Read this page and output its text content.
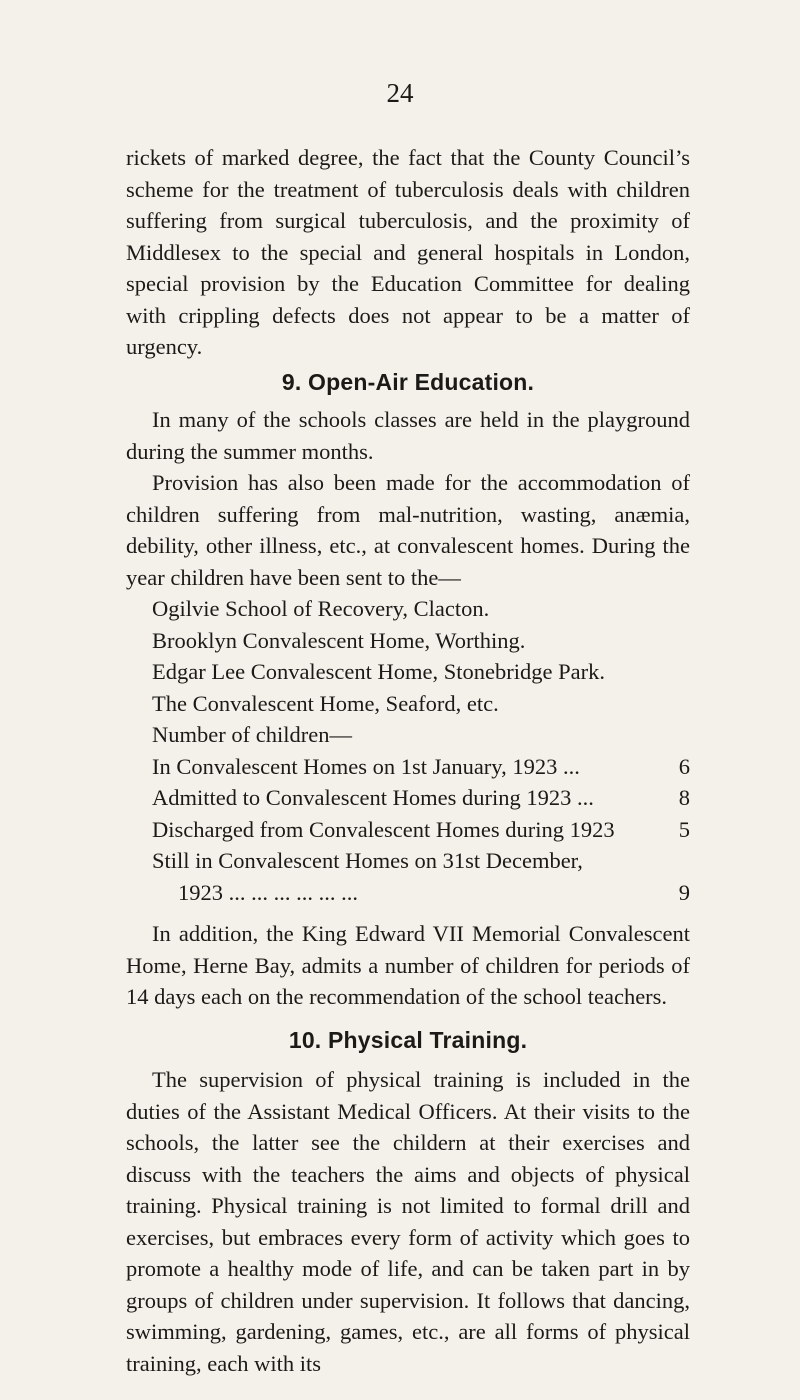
24

rickets of marked degree, the fact that the County Council’s scheme for the treatment of tuberculosis deals with children suffering from surgical tuberculosis, and the proximity of Middlesex to the special and general hospitals in London, special provision by the Education Committee for dealing with crippling defects does not appear to be a matter of urgency.

9. Open-Air Education.

In many of the schools classes are held in the playground during the summer months.

Provision has also been made for the accommodation of children suffering from mal-nutrition, wasting, anæmia, debility, other illness, etc., at convalescent homes. During the year children have been sent to the—

Ogilvie School of Recovery, Clacton.
Brooklyn Convalescent Home, Worthing.
Edgar Lee Convalescent Home, Stonebridge Park.
The Convalescent Home, Seaford, etc.

Number of children—

In Convalescent Homes on 1st January, 1923 ...	6
Admitted to Convalescent Homes during 1923 ...	8
Discharged from Convalescent Homes during 1923	5
Still in Convalescent Homes on 31st December,
1923 ... ... ... ... ... ...	9

In addition, the King Edward VII Memorial Convalescent Home, Herne Bay, admits a number of children for periods of 14 days each on the recommendation of the school teachers.

10. Physical Training.

The supervision of physical training is included in the duties of the Assistant Medical Officers. At their visits to the schools, the latter see the childern at their exercises and discuss with the teachers the aims and objects of physical training. Physical training is not limited to formal drill and exercises, but embraces every form of activity which goes to promote a healthy mode of life, and can be taken part in by groups of children under supervision. It follows that dancing, swimming, gardening, games, etc., are all forms of physical training, each with its
